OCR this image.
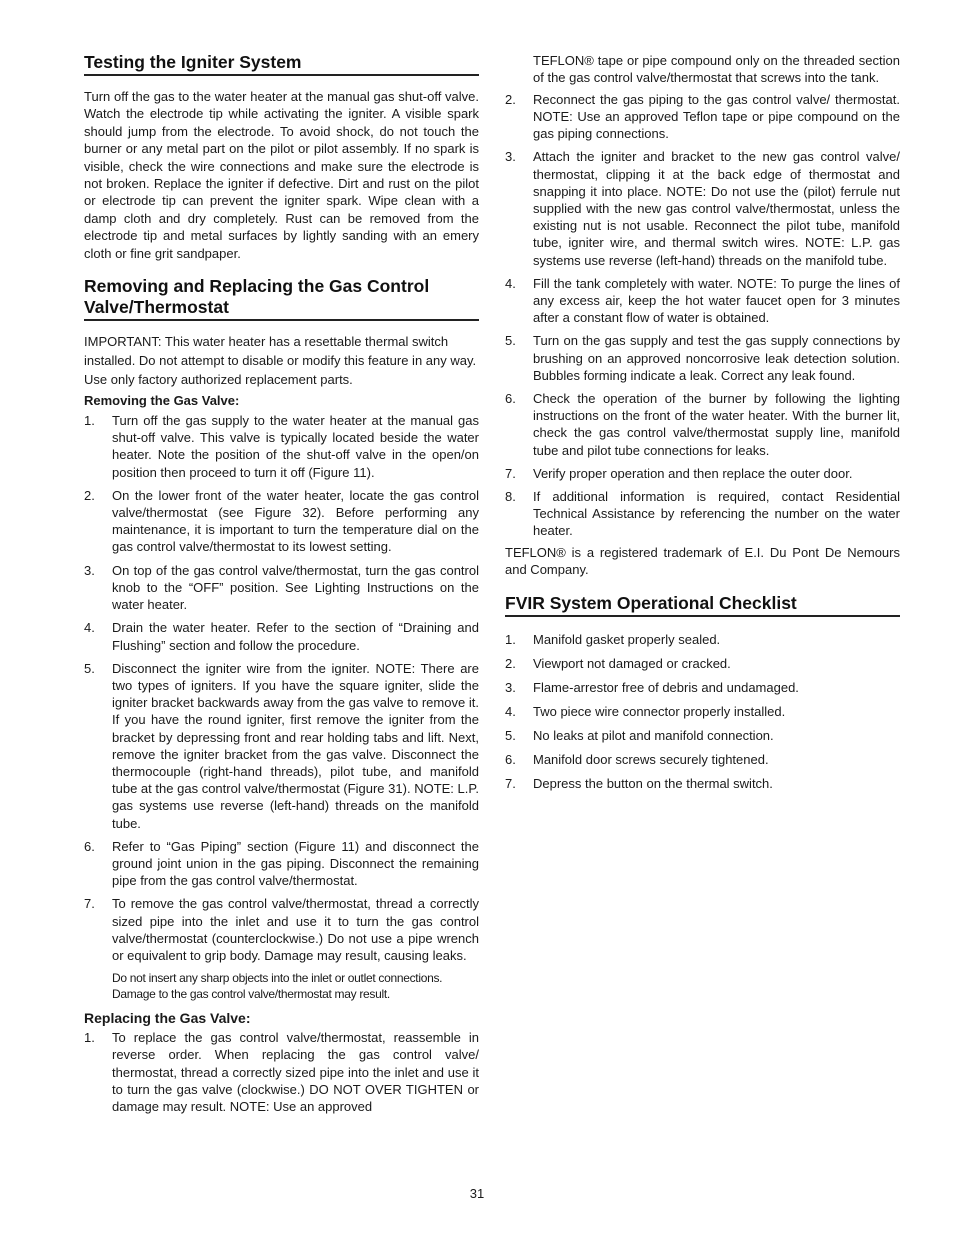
Testing the Igniter System

Turn off the gas to the water heater at the manual gas shut-off valve. Watch the electrode tip while activating the igniter. A visible spark should jump from the electrode. To avoid shock, do not touch the burner or any metal part on the pilot or pilot assembly. If no spark is visible, check the wire connections and make sure the electrode is not broken. Replace the igniter if defective. Dirt and rust on the pilot or electrode tip can prevent the igniter spark. Wipe clean with a damp cloth and dry completely. Rust can be removed from the electrode tip and metal surfaces by lightly sanding with an emery cloth or fine grit sandpaper.

Removing and Replacing the Gas Control Valve/Thermostat

IMPORTANT: This water heater has a resettable thermal switch installed. Do not attempt to disable or modify this feature in any way. Use only factory authorized replacement parts.

Removing the Gas Valve:
1. Turn off the gas supply to the water heater at the manual gas shut-off valve. This valve is typically located beside the water heater. Note the position of the shut-off valve in the open/on position then proceed to turn it off (Figure 11).
2. On the lower front of the water heater, locate the gas control valve/thermostat (see Figure 32). Before performing any maintenance, it is important to turn the temperature dial on the gas control valve/thermostat to its lowest setting.
3. On top of the gas control valve/thermostat, turn the gas control knob to the “OFF” position. See Lighting Instructions on the water heater.
4. Drain the water heater. Refer to the section of “Draining and Flushing” section and follow the procedure.
5. Disconnect the igniter wire from the igniter. NOTE: There are two types of igniters. If you have the square igniter, slide the igniter bracket backwards away from the gas valve to remove it. If you have the round igniter, first remove the igniter from the bracket by depressing front and rear holding tabs and lift. Next, remove the igniter bracket from the gas valve. Disconnect the thermocouple (right-hand threads), pilot tube, and manifold tube at the gas control valve/thermostat (Figure 31). NOTE: L.P. gas systems use reverse (left-hand) threads on the manifold tube.
6. Refer to “Gas Piping” section (Figure 11) and disconnect the ground joint union in the gas piping. Disconnect the remaining pipe from the gas control valve/thermostat.
7. To remove the gas control valve/thermostat, thread a correctly sized pipe into the inlet and use it to turn the gas control valve/thermostat (counterclockwise.) Do not use a pipe wrench or equivalent to grip body. Damage may result, causing leaks.

Do not insert any sharp objects into the inlet or outlet connections. Damage to the gas control valve/thermostat may result.

Replacing the Gas Valve:
1. To replace the gas control valve/thermostat, reassemble in reverse order. When replacing the gas control valve/ thermostat, thread a correctly sized pipe into the inlet and use it to turn the gas valve (clockwise.) DO NOT OVER TIGHTEN or damage may result. NOTE: Use an approved

TEFLON® tape or pipe compound only on the threaded section of the gas control valve/thermostat that screws into the tank.

2. Reconnect the gas piping to the gas control valve/ thermostat. NOTE: Use an approved Teflon tape or pipe compound on the gas piping connections.
3. Attach the igniter and bracket to the new gas control valve/ thermostat, clipping it at the back edge of thermostat and snapping it into place. NOTE: Do not use the (pilot) ferrule nut supplied with the new gas control valve/thermostat, unless the existing nut is not usable. Reconnect the pilot tube, manifold tube, igniter wire, and thermal switch wires. NOTE: L.P. gas systems use reverse (left-hand) threads on the manifold tube.
4. Fill the tank completely with water. NOTE: To purge the lines of any excess air, keep the hot water faucet open for 3 minutes after a constant flow of water is obtained.
5. Turn on the gas supply and test the gas supply connections by brushing on an approved noncorrosive leak detection solution. Bubbles forming indicate a leak. Correct any leak found.
6. Check the operation of the burner by following the lighting instructions on the front of the water heater. With the burner lit, check the gas control valve/thermostat supply line, manifold tube and pilot tube connections for leaks.
7. Verify proper operation and then replace the outer door.
8. If additional information is required, contact Residential Technical Assistance by referencing the number on the water heater.

TEFLON® is a registered trademark of E.I. Du Pont De Nemours and Company.

FVIR System Operational Checklist
1. Manifold gasket properly sealed.
2. Viewport not damaged or cracked.
3. Flame-arrestor free of debris and undamaged.
4. Two piece wire connector properly installed.
5. No leaks at pilot and manifold connection.
6. Manifold door screws securely tightened.
7. Depress the button on the thermal switch.
31
